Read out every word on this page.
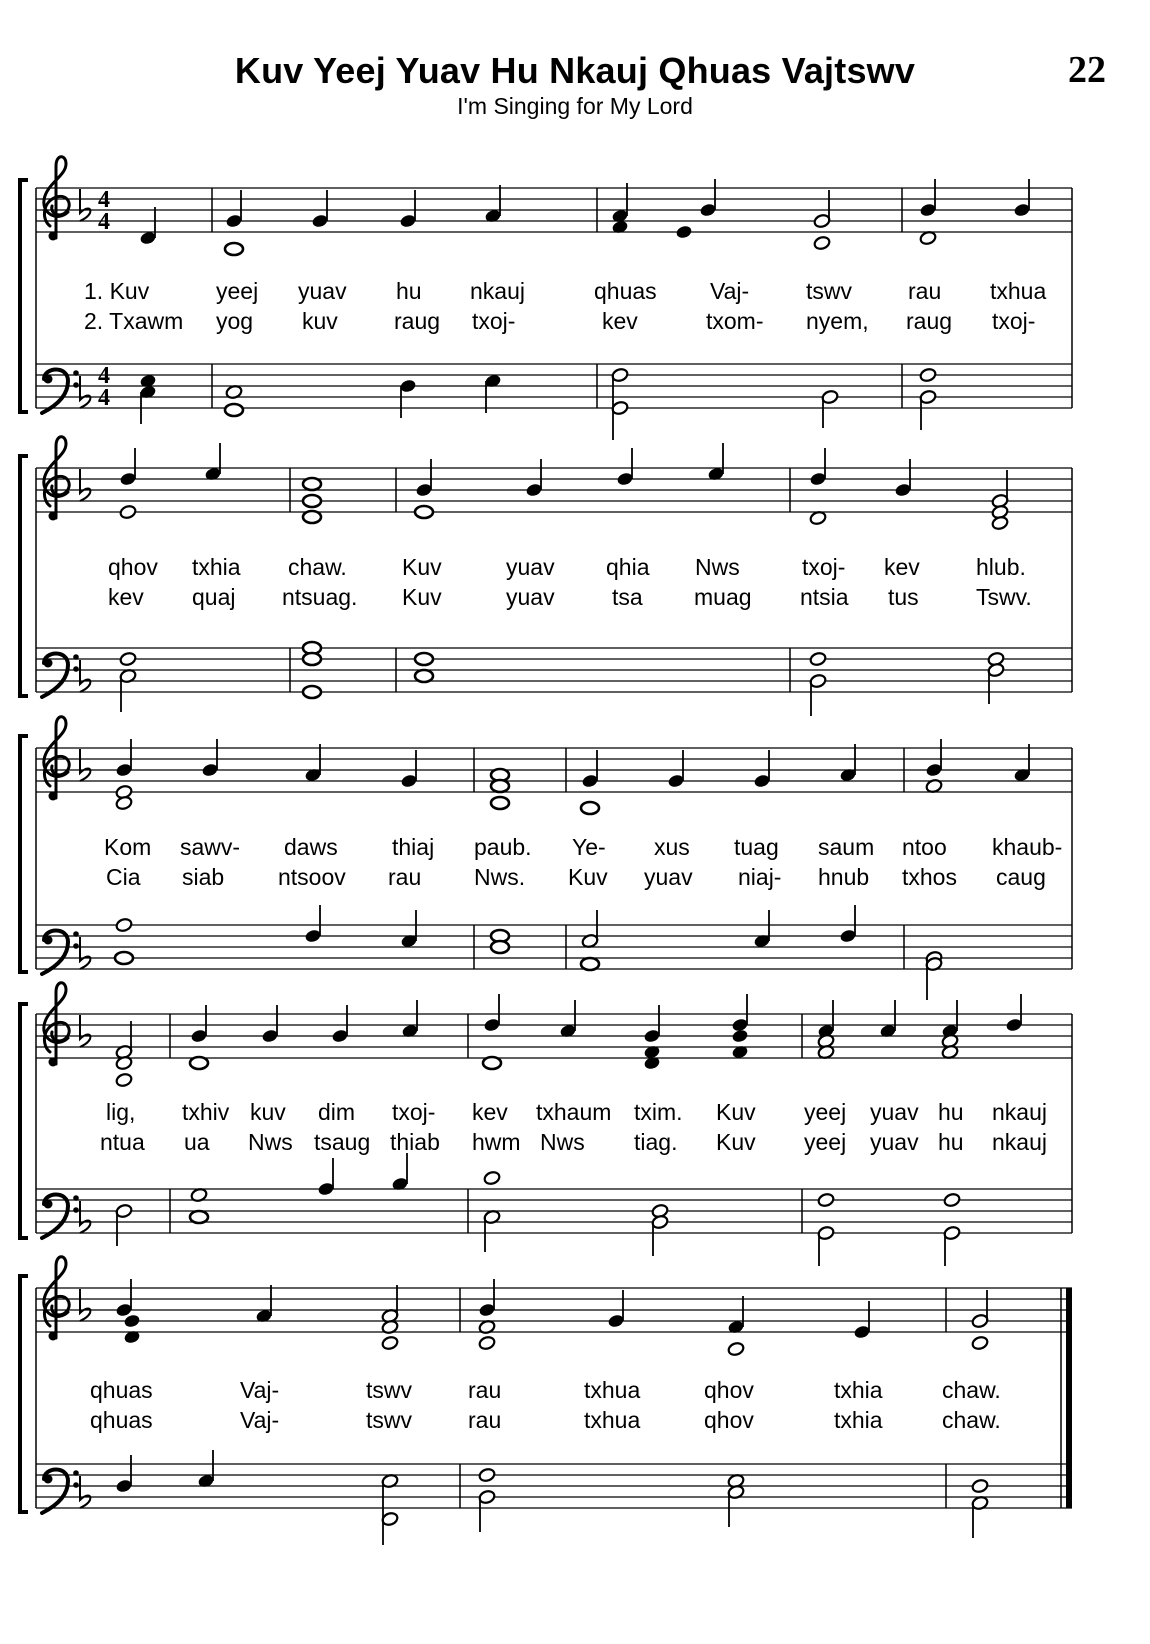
Kuv Yeej Yuav Hu Nkauj Qhuas Vajtswv
I'm Singing for My Lord
22
4
4
4
4
1. Kuv	yeej yuav hu nkauj	qhuas Vaj- tswv rau txhua
2. Txawm yog kuv raug txoj-	kev	txom- nyem, raug txoj-
qhov txhia chaw. Kuv	yuav qhia Nws	txoj- kev hlub.
kev quaj ntsuag. Kuv	yuav tsa muag ntsia tus Tswv.
Kom sawv- daws thiaj paub. Ye- xus tuag saum ntoo khaub-
Cia siab ntsoov rau Nws. Kuv yuav niaj- hnub txhos caug
lig, txhiv kuv dim txoj- kev txhaum txim. Kuv yeej yuav hu nkauj
ntua ua Nws tsaug thiab hwm Nws tiag. Kuv yeej yuav hu nkauj
qhuas	Vaj-	tswv rau	txhua	qhov	txhia	chaw.
qhuas	Vaj-	tswv rau	txhua	qhov	txhia	chaw.
